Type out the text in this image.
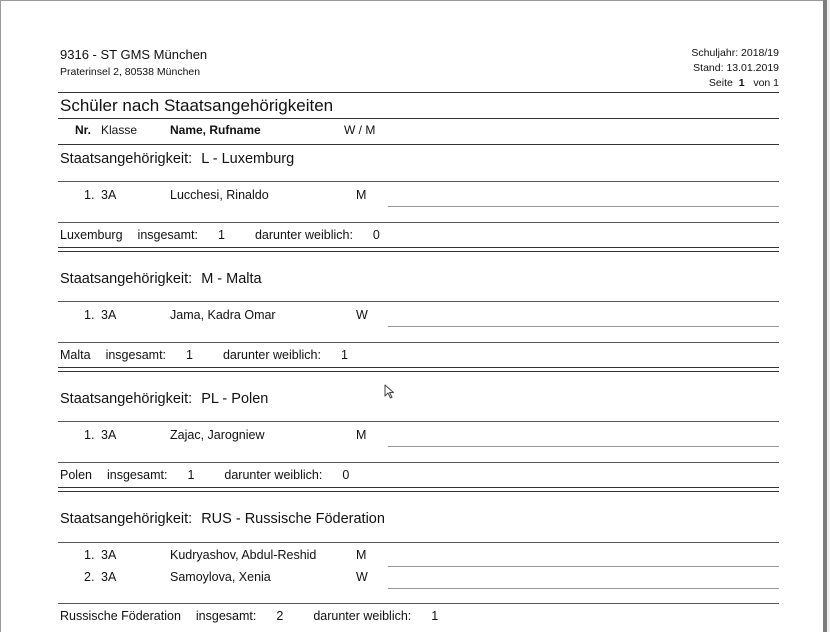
9316 - ST GMS München
Praterinsel 2, 80538 München
Schuljahr: 2018/19
Stand: 13.01.2019
Seite 1 von 1
Schüler nach Staatsangehörigkeiten
Nr. Klasse	Name, Rufname	W / M
Staatsangehörigkeit: L - Luxemburg
1. 3A	Lucchesi, Rinaldo	M
Luxemburg insgesamt: 1 darunter weiblich: 0
Staatsangehörigkeit: M - Malta
1. 3A	Jama, Kadra Omar	W
Malta insgesamt: 1 darunter weiblich: 1
Staatsangehörigkeit: PL - Polen
1. 3A	Zajac, Jarogniew	M
Polen insgesamt: 1 darunter weiblich: 0
Staatsangehörigkeit: RUS - Russische Föderation
1. 3A	Kudryashov, Abdul-Reshid	M
2. 3A	Samoylova, Xenia	W
Russische Föderation insgesamt: 2 darunter weiblich: 1
